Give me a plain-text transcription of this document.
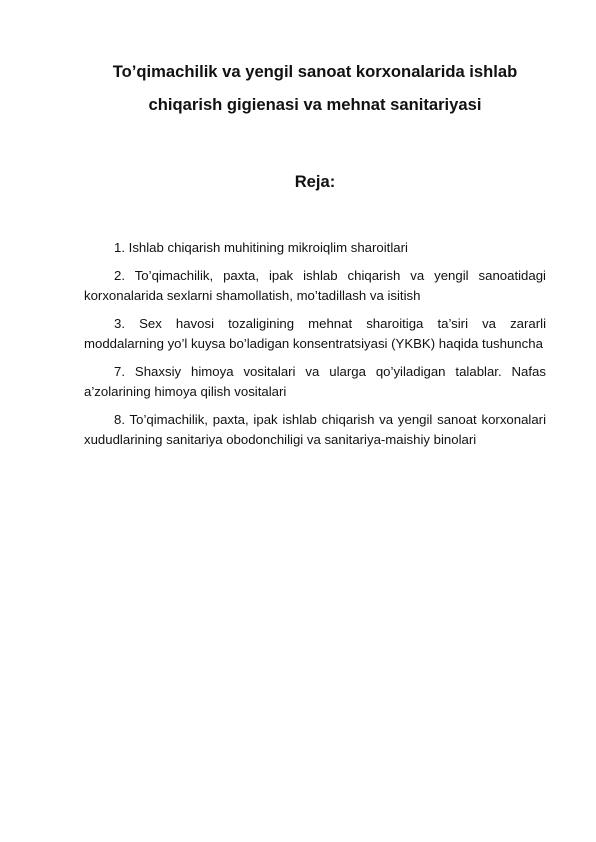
To’qimachilik va yengil sanoat korxonalarida ishlab
chiqarish gigienasi va mehnat sanitariyasi
Reja:

1. Ishlab chiqarish muhitining mikroiqlim sharoitlari

2. To’qimachilik, paxta, ipak ishlab chiqarish va yengil sanoatidagi korxonalarida sexlarni shamollatish, mo’tadillash va isitish

3. Sex havosi tozaligining mehnat sharoitiga ta’siri va zararli moddalarning yo’l kuysa bo’ladigan konsentratsiyasi (YKBK) haqida tushuncha

7. Shaxsiy himoya vositalari va ularga qo’yiladigan talablar. Nafas a’zolarining himoya qilish vositalari

8. To’qimachilik, paxta, ipak ishlab chiqarish va yengil sanoat korxonalari xududlarining sanitariya obodonchiligi va sanitariya-maishiy binolari
